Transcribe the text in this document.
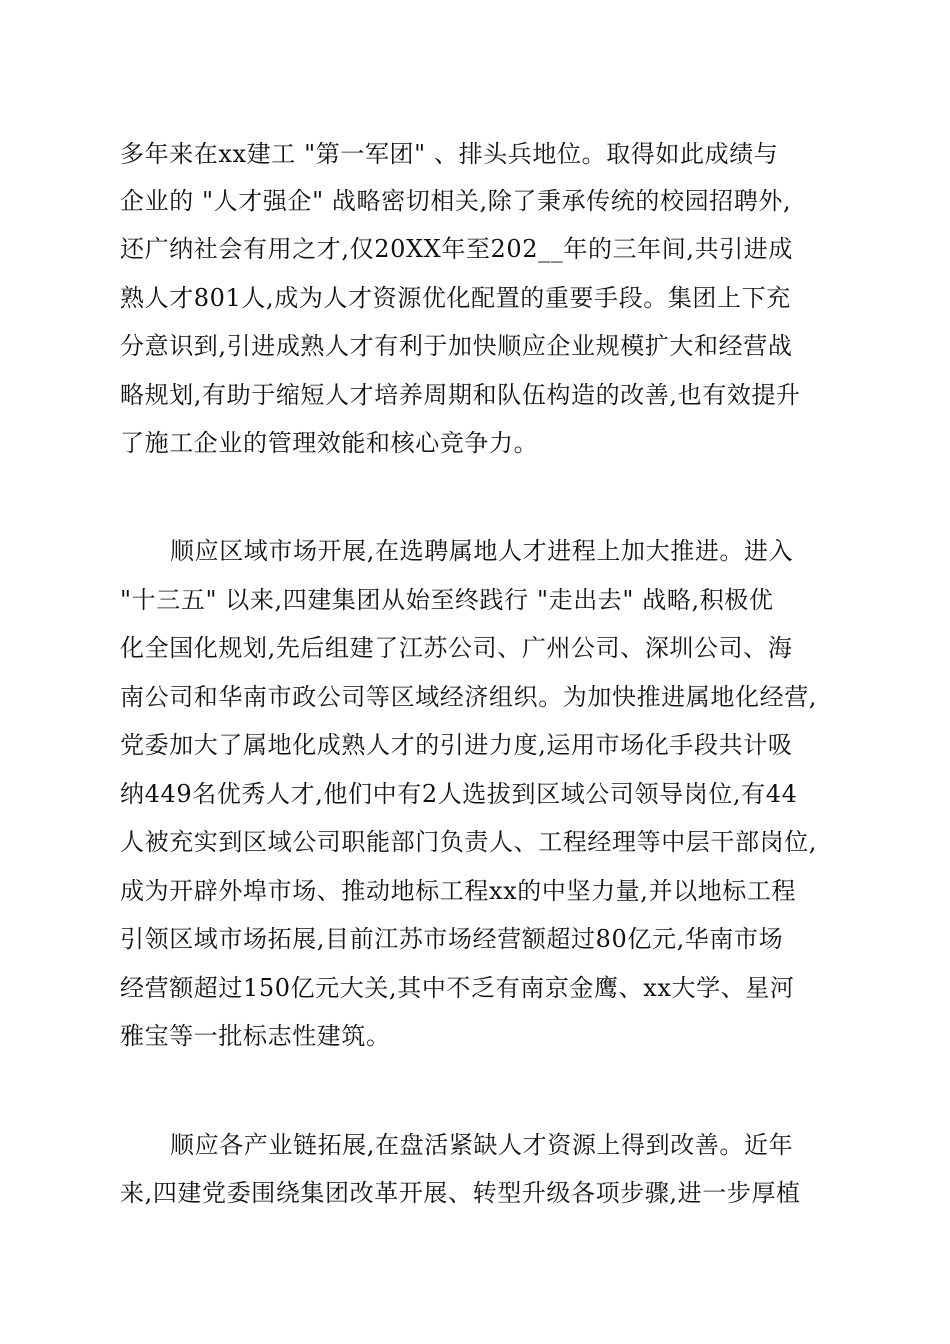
多年来在xx建工 "第一军团" 、排头兵地位。取得如此成绩与
企业的 "人才强企" 战略密切相关,除了秉承传统的校园招聘外,
还广纳社会有用之才,仅20XX年至202__年的三年间,共引进成
熟人才801人,成为人才资源优化配置的重要手段。集团上下充
分意识到,引进成熟人才有利于加快顺应企业规模扩大和经营战
略规划,有助于缩短人才培养周期和队伍构造的改善,也有效提升
了施工企业的管理效能和核心竞争力。
顺应区域市场开展,在选聘属地人才进程上加大推进。进入
"十三五" 以来,四建集团从始至终践行 "走出去" 战略,积极优
化全国化规划,先后组建了江苏公司、广州公司、深圳公司、海
南公司和华南市政公司等区域经济组织。为加快推进属地化经营,
党委加大了属地化成熟人才的引进力度,运用市场化手段共计吸
纳449名优秀人才,他们中有2人选拔到区域公司领导岗位,有44
人被充实到区域公司职能部门负责人、工程经理等中层干部岗位,
成为开辟外埠市场、推动地标工程xx的中坚力量,并以地标工程
引领区域市场拓展,目前江苏市场经营额超过80亿元,华南市场
经营额超过150亿元大关,其中不乏有南京金鹰、xx大学、星河
雅宝等一批标志性建筑。
顺应各产业链拓展,在盘活紧缺人才资源上得到改善。近年
来,四建党委围绕集团改革开展、转型升级各项步骤,进一步厚植
